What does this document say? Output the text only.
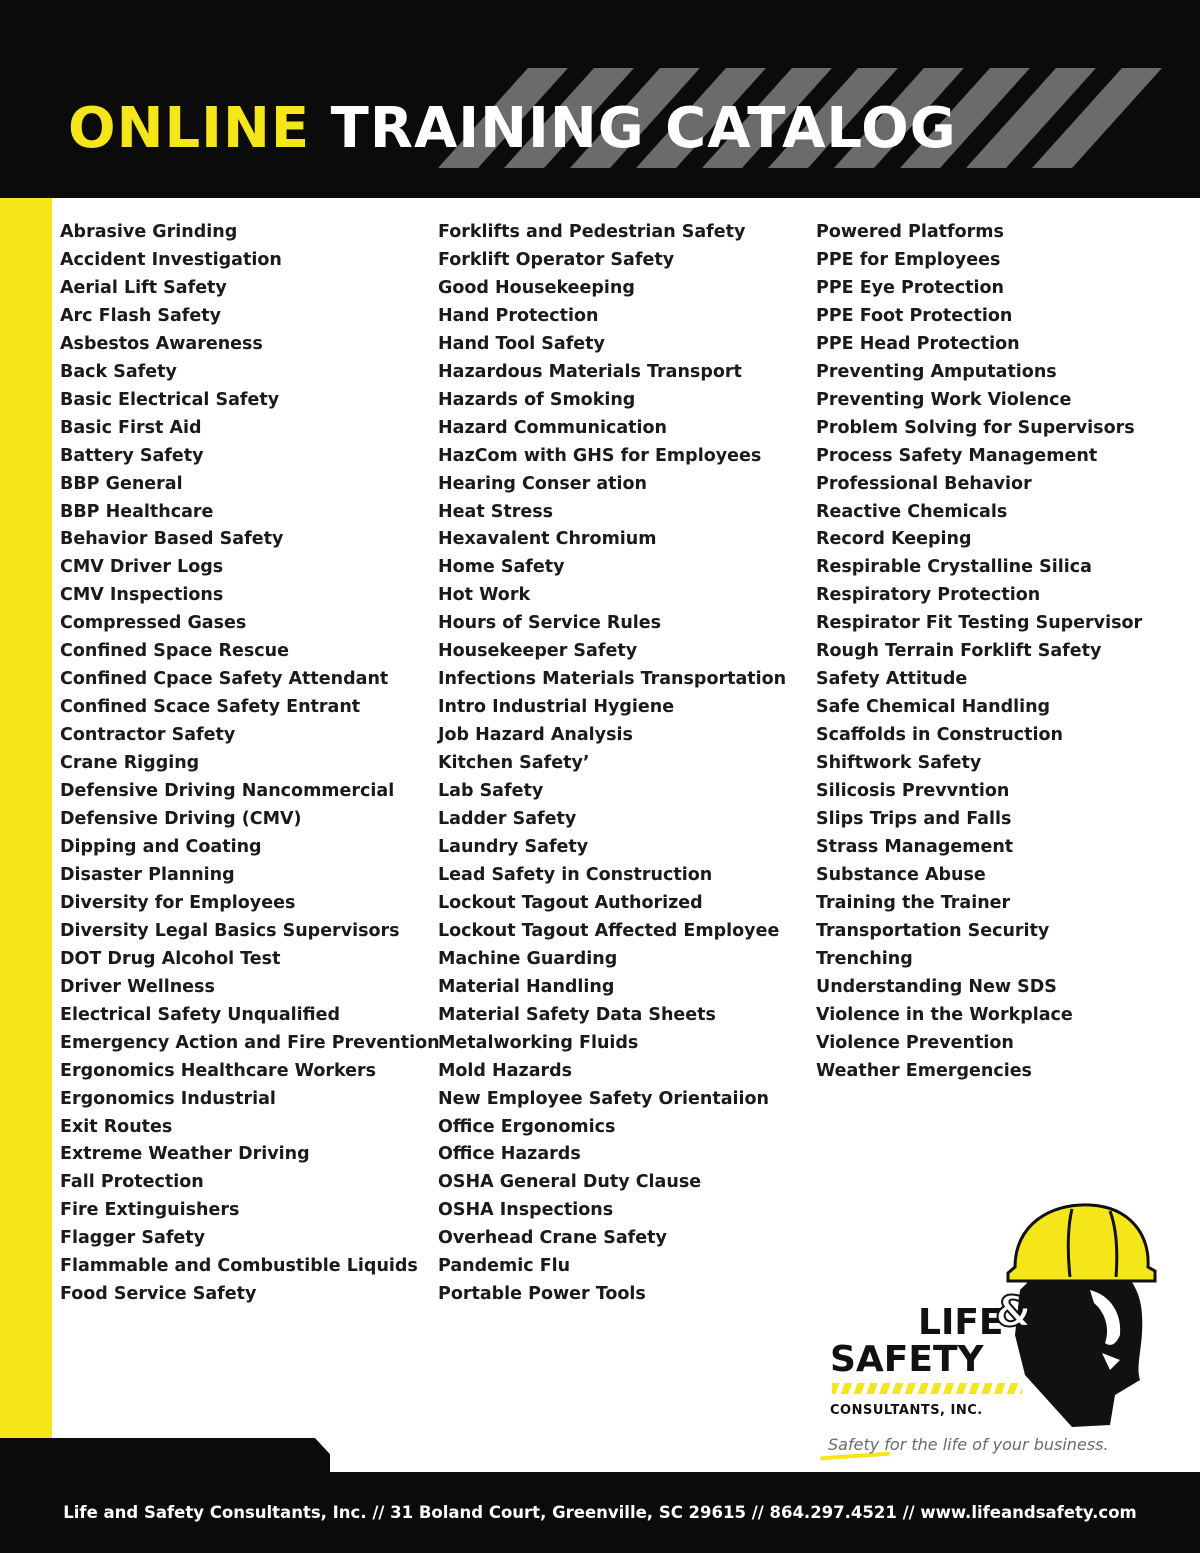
ONLINE TRAINING CATALOG
Abrasive Grinding
Accident Investigation
Aerial Lift Safety
Arc Flash Safety
Asbestos Awareness
Back Safety
Basic Electrical Safety
Basic First Aid
Battery Safety
BBP General
BBP Healthcare
Behavior Based Safety
CMV Driver Logs
CMV Inspections
Compressed Gases
Confined Space Rescue
Confined Cpace Safety Attendant
Confined Scace Safety Entrant
Contractor Safety
Crane Rigging
Defensive Driving Nancommercial
Defensive Driving (CMV)
Dipping and Coating
Disaster Planning
Diversity for Employees
Diversity Legal Basics Supervisors
DOT Drug Alcohol Test
Driver Wellness
Electrical Safety Unqualified
Emergency Action and Fire Prevention
Ergonomics Healthcare Workers
Ergonomics Industrial
Exit Routes
Extreme Weather Driving
Fall Protection
Fire Extinguishers
Flagger Safety
Flammable and Combustible Liquids
Food Service Safety
Forklifts and Pedestrian Safety
Forklift Operator Safety
Good Housekeeping
Hand Protection
Hand Tool Safety
Hazardous Materials Transport
Hazards of Smoking
Hazard Communication
HazCom with GHS for Employees
Hearing Conser ation
Heat Stress
Hexavalent Chromium
Home Safety
Hot Work
Hours of Service Rules
Housekeeper Safety
Infections Materials Transportation
Intro Industrial Hygiene
Job Hazard Analysis
Kitchen Safety’
Lab Safety
Ladder Safety
Laundry Safety
Lead Safety in Construction
Lockout Tagout Authorized
Lockout Tagout Affected Employee
Machine Guarding
Material Handling
Material Safety Data Sheets
Metalworking Fluids
Mold Hazards
New Employee Safety Orientaiion
Office Ergonomics
Office Hazards
OSHA General Duty Clause
OSHA Inspections
Overhead Crane Safety
Pandemic Flu
Portable Power Tools
Powered Platforms
PPE for Employees
PPE Eye Protection
PPE Foot Protection
PPE Head Protection
Preventing Amputations
Preventing Work Violence
Problem Solving for Supervisors
Process Safety Management
Professional Behavior
Reactive Chemicals
Record Keeping
Respirable Crystalline Silica
Respiratory Protection
Respirator Fit Testing Supervisor
Rough Terrain Forklift Safety
Safety Attitude
Safe Chemical Handling
Scaffolds in Construction
Shiftwork Safety
Silicosis Prevvntion
Slips Trips and Falls
Strass Management
Substance Abuse
Training the Trainer
Transportation Security
Trenching
Understanding New SDS
Violence in the Workplace
Violence Prevention
Weather Emergencies
LIFE
&
SAFETY
CONSULTANTS, INC.
Safety for the life of your business.

Life and Safety Consultants, Inc. // 31 Boland Court, Greenville, SC 29615 // 864.297.4521 // www.lifeandsafety.com
